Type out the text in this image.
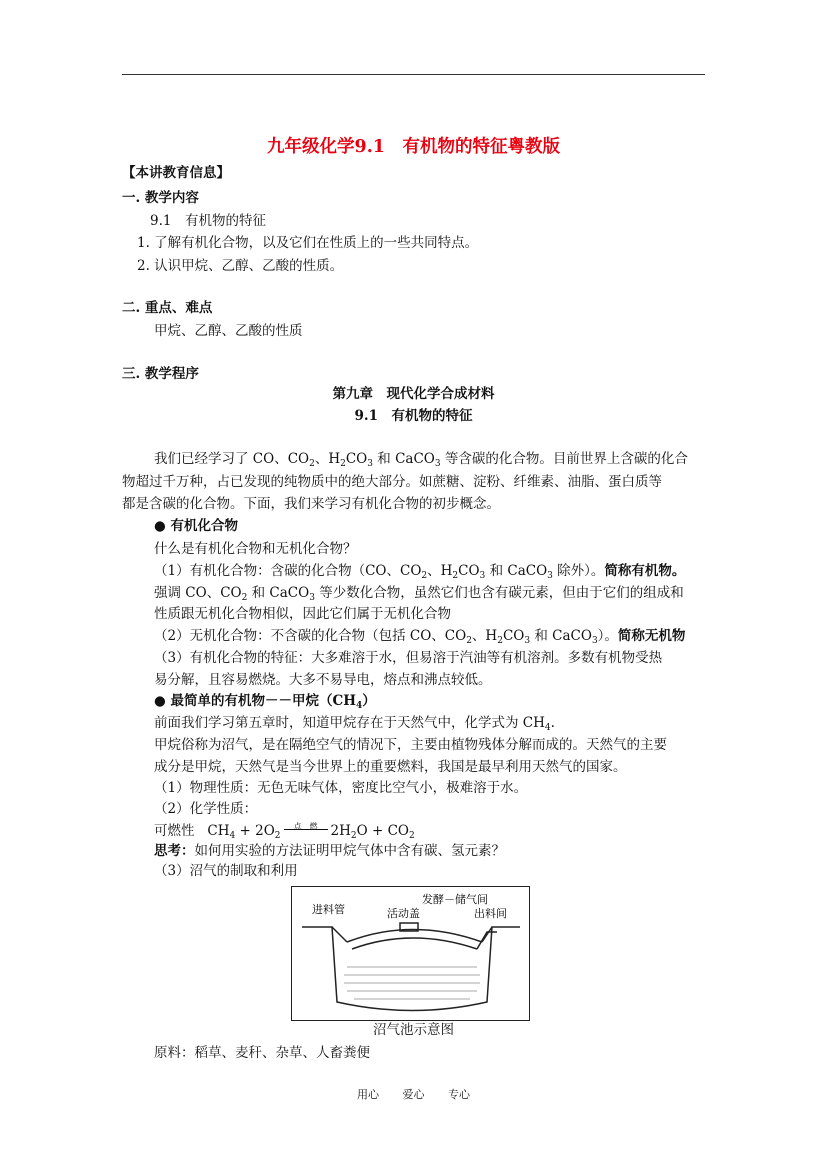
九年级化学9.1　有机物的特征粤教版
【本讲教育信息】
一. 教学内容
9.1　有机物的特征
1. 了解有机化合物，以及它们在性质上的一些共同特点。
2. 认识甲烷、乙醇、乙酸的性质。
二. 重点、难点
甲烷、乙醇、乙酸的性质
三. 教学程序
第九章　现代化学合成材料
9.1　有机物的特征
我们已经学习了 CO、$CO_2$、$H_2CO_3$ 和 CaCO$_3$ 等含碳的化合物。目前世界上含碳的化合
物超过千万种，占已发现的纯物质中的绝大部分。如蔗糖、淀粉、纤维素、油脂、蛋白质等
都是含碳的化合物。下面，我们来学习有机化合物的初步概念。
● 有机化合物
什么是有机化合物和无机化合物？
（1）有机化合物：含碳的化合物（CO、$CO_2$、$H_2CO_3$ 和 CaCO$_3$ 除外）。简称有机物。
强调 CO、$CO_2$ 和 CaCO$_3$ 等少数化合物，虽然它们也含有碳元素，但由于它们的组成和
性质跟无机化合物相似，因此它们属于无机化合物
（2）无机化合物：不含碳的化合物（包括 CO、$CO_2$、$H_2CO_3$ 和 CaCO$_3$）。简称无机物
（3）有机化合物的特征：大多难溶于水，但易溶于汽油等有机溶剂。多数有机物受热
易分解，且容易燃烧。大多不易导电，熔点和沸点较低。
● 最简单的有机物－－甲烷$(CH_4)$
前面我们学习第五章时，知道甲烷存在于天然气中，化学式为 $CH_4$.
甲烷俗称为沼气，是在隔绝空气的情况下，主要由植物残体分解而成的。天然气的主要
成分是甲烷，天然气是当今世界上的重要燃料，我国是最早利用天然气的国家。
（1）物理性质：无色无味气体，密度比空气小，极难溶于水。
（2）化学性质：
可燃性 $CH_4 + 2O_2$点　燃 $2H_2O + CO_2$
思考：如何用实验的方法证明甲烷气体中含有碳、氢元素？
（3）沼气的制取和利用
进料管	活动盖
发酵－储气间
出料间
沼气池示意图
原料：稻草、麦秆、杂草、人畜粪便
用心 爱心 专心
